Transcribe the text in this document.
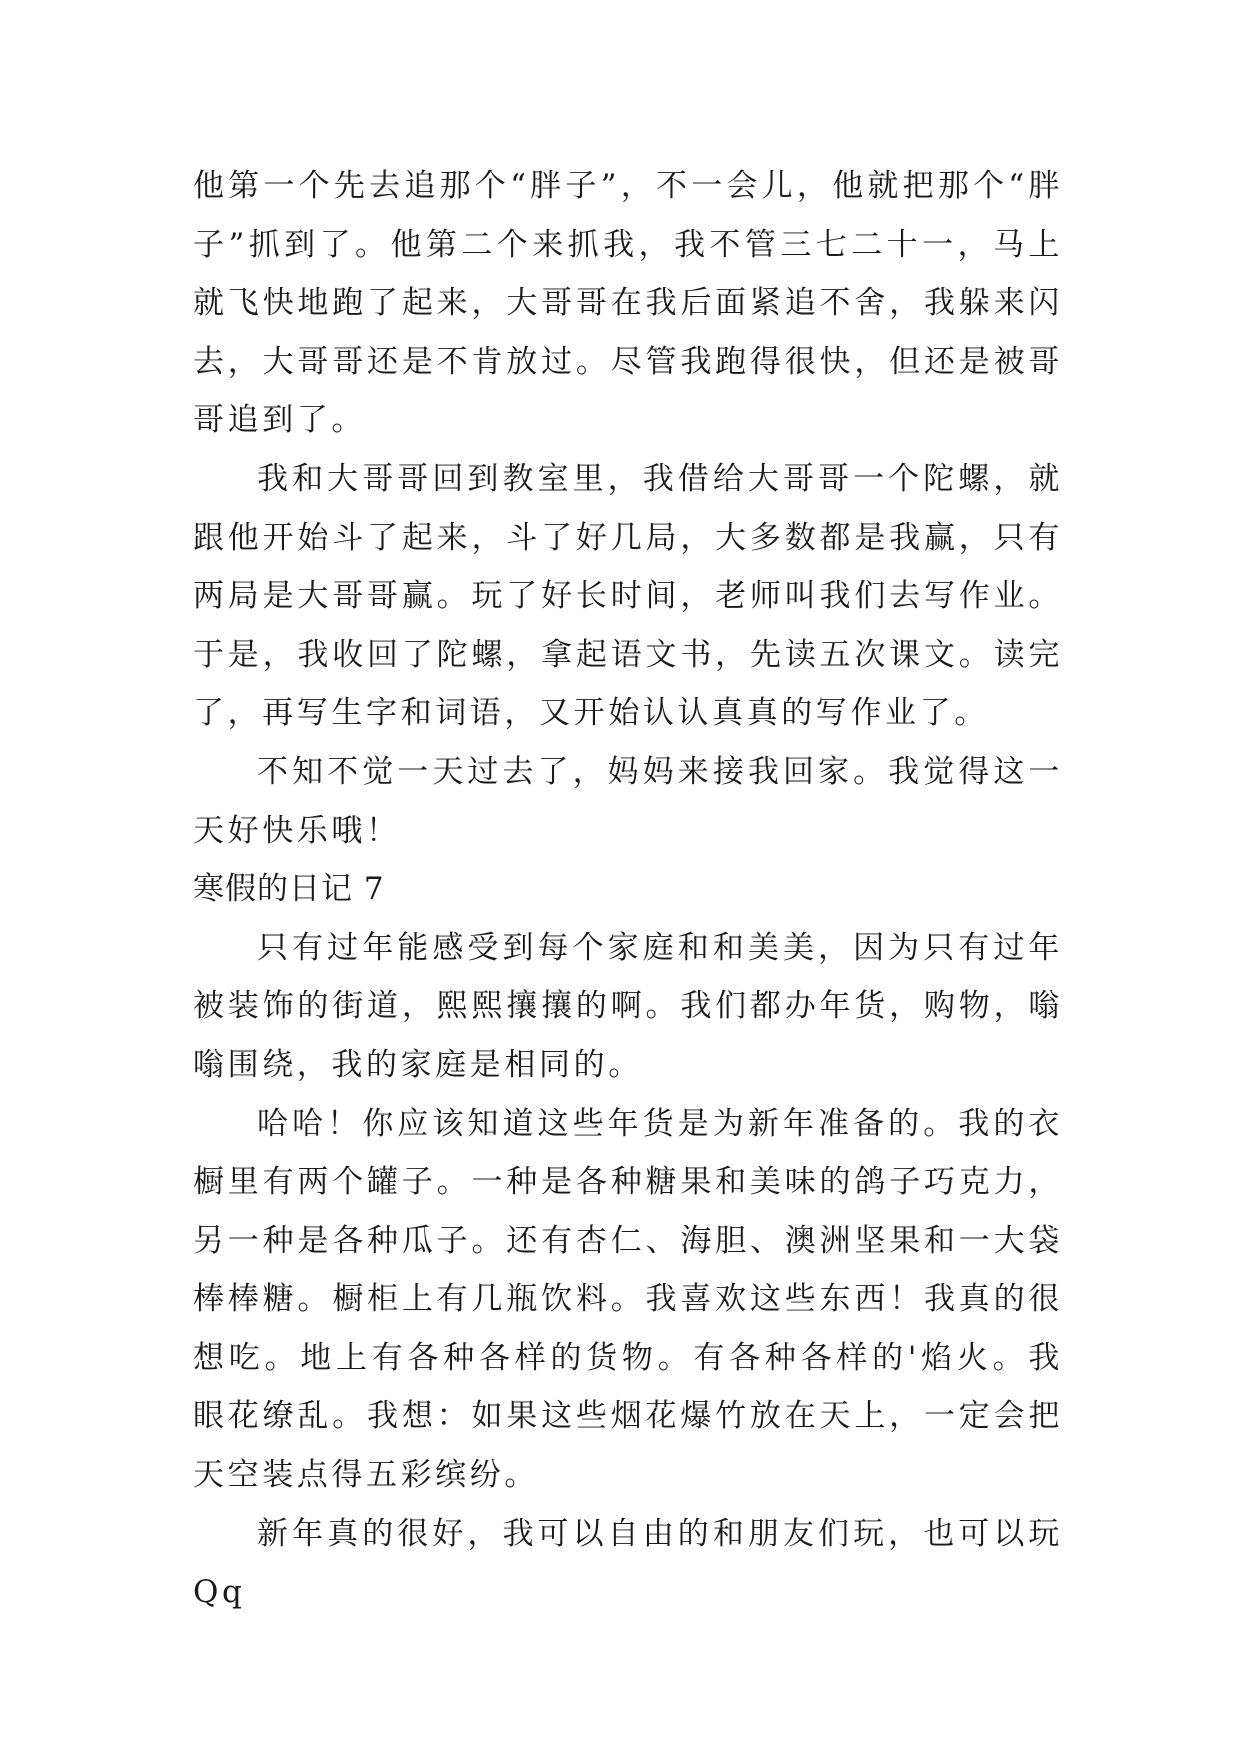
他第一个先去追那个“胖子”，不一会儿，他就把那个“胖子”抓到了。他第二个来抓我，我不管三七二十一，马上就飞快地跑了起来，大哥哥在我后面紧追不舍，我躲来闪去，大哥哥还是不肯放过。尽管我跑得很快，但还是被哥哥追到了。

我和大哥哥回到教室里，我借给大哥哥一个陀螺，就跟他开始斗了起来，斗了好几局，大多数都是我赢，只有两局是大哥哥赢。玩了好长时间，老师叫我们去写作业。于是，我收回了陀螺，拿起语文书，先读五次课文。读完了，再写生字和词语，又开始认认真真的写作业了。

不知不觉一天过去了，妈妈来接我回家。我觉得这一天好快乐哦！

寒假的日记 7

只有过年能感受到每个家庭和和美美，因为只有过年被装饰的街道，熙熙攘攘的啊。我们都办年货，购物，嗡嗡围绕，我的家庭是相同的。

哈哈！你应该知道这些年货是为新年准备的。我的衣橱里有两个罐子。一种是各种糖果和美味的鸽子巧克力，另一种是各种瓜子。还有杏仁、海胆、澳洲坚果和一大袋棒棒糖。橱柜上有几瓶饮料。我喜欢这些东西！我真的很想吃。地上有各种各样的货物。有各种各样的'焰火。我眼花缭乱。我想：如果这些烟花爆竹放在天上，一定会把天空装点得五彩缤纷。

新年真的很好，我可以自由的和朋友们玩，也可以玩 Qq
